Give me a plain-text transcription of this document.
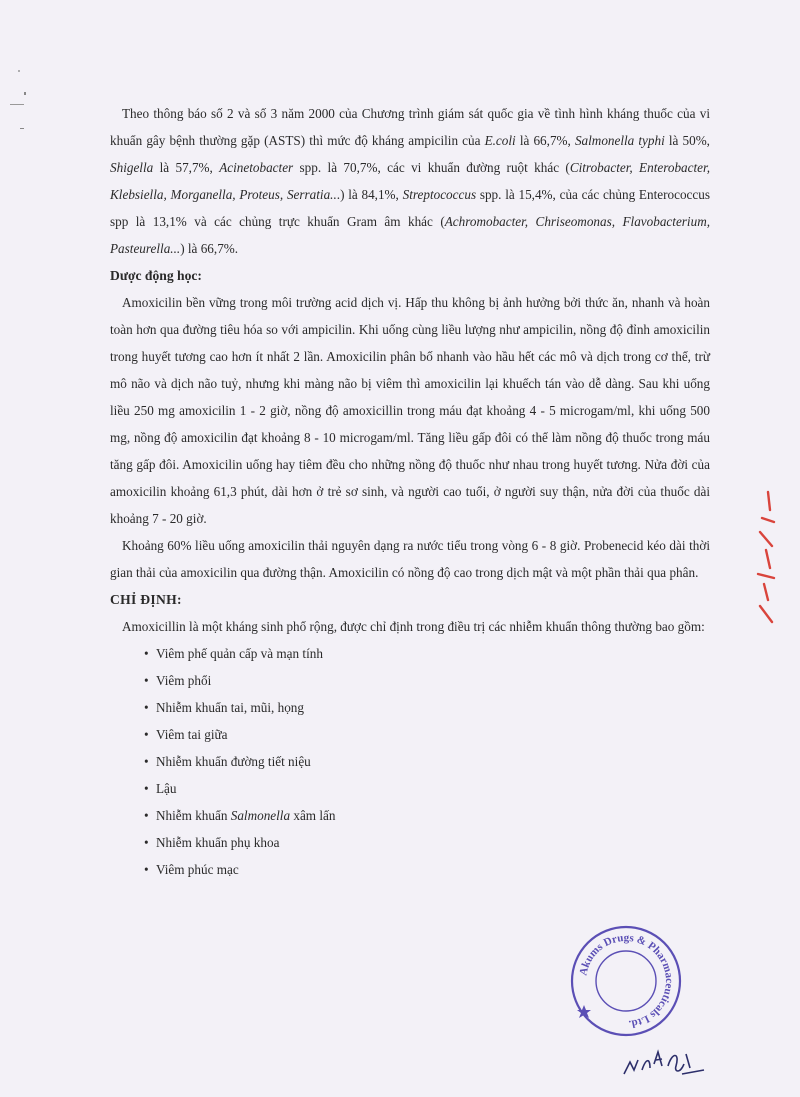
Theo thông báo số 2 và số 3 năm 2000 của Chương trình giám sát quốc gia về tình hình kháng thuốc của vi khuẩn gây bệnh thường gặp (ASTS) thì mức độ kháng ampicilin của E.coli là 66,7%, Salmonella typhi là 50%, Shigella là 57,7%, Acinetobacter spp. là 70,7%, các vi khuẩn đường ruột khác (Citrobacter, Enterobacter, Klebsiella, Morganella, Proteus, Serratia...) là 84,1%, Streptococcus spp. là 15,4%, của các chủng Enterococcus spp là 13,1% và các chủng trực khuẩn Gram âm khác (Achromobacter, Chriseomonas, Flavobacterium, Pasteurella...) là 66,7%.

Dược động học:

Amoxicilin bền vững trong môi trường acid dịch vị. Hấp thu không bị ảnh hưởng bởi thức ăn, nhanh và hoàn toàn hơn qua đường tiêu hóa so với ampicilin. Khi uống cùng liều lượng như ampicilin, nồng độ đỉnh amoxicilin trong huyết tương cao hơn ít nhất 2 lần. Amoxicilin phân bố nhanh vào hầu hết các mô và dịch trong cơ thể, trừ mô não và dịch não tuỷ, nhưng khi màng não bị viêm thì amoxicilin lại khuếch tán vào dễ dàng. Sau khi uống liều 250 mg amoxicilin 1 - 2 giờ, nồng độ amoxicillin trong máu đạt khoảng 4 - 5 microgam/ml, khi uống 500 mg, nồng độ amoxicilin đạt khoảng 8 - 10 microgam/ml. Tăng liều gấp đôi có thể làm nồng độ thuốc trong máu tăng gấp đôi. Amoxicilin uống hay tiêm đều cho những nồng độ thuốc như nhau trong huyết tương. Nửa đời của amoxicilin khoảng 61,3 phút, dài hơn ở trẻ sơ sinh, và người cao tuổi, ở người suy thận, nửa đời của thuốc dài khoảng 7 - 20 giờ.

Khoảng 60% liều uống amoxicilin thải nguyên dạng ra nước tiểu trong vòng 6 - 8 giờ. Probenecid kéo dài thời gian thải của amoxicilin qua đường thận. Amoxicilin có nồng độ cao trong dịch mật và một phần thải qua phân.

CHỈ ĐỊNH:

Amoxicillin là một kháng sinh phổ rộng, được chỉ định trong điều trị các nhiễm khuẩn thông thường bao gồm:

• Viêm phế quản cấp và mạn tính
• Viêm phổi
• Nhiễm khuẩn tai, mũi, họng
• Viêm tai giữa
• Nhiễm khuẩn đường tiết niệu
• Lậu
• Nhiễm khuẩn Salmonella xâm lấn
• Nhiễm khuẩn phụ khoa
• Viêm phúc mạc
Akums Drugs & Pharmaceuticals Ltd.
